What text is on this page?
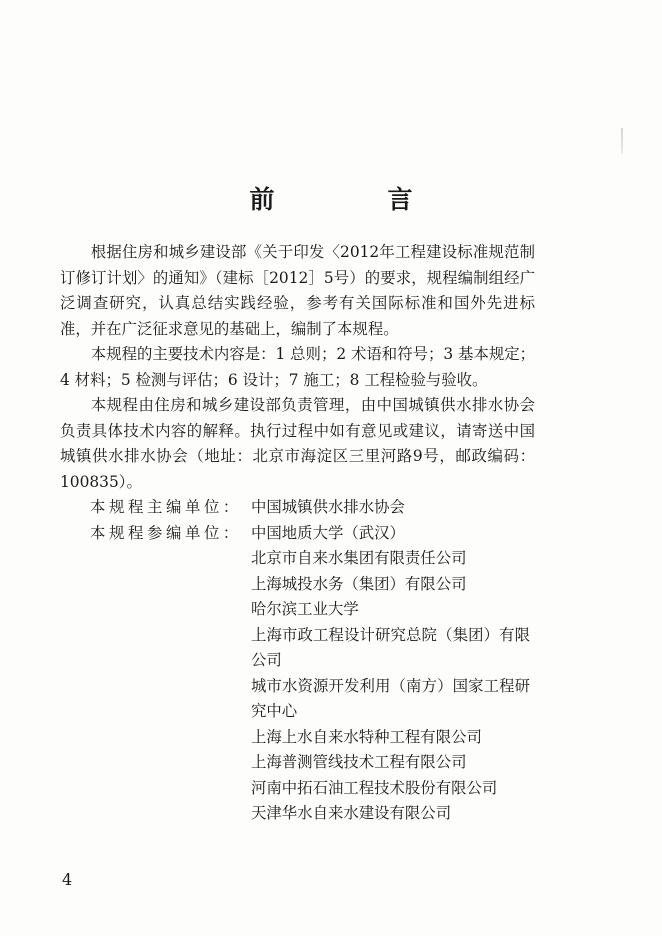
前　言

根据住房和城乡建设部《关于印发〈2012年工程建设标准规范制订修订计划〉的通知》（建标［2012］5号）的要求，规程编制组经广泛调查研究，认真总结实践经验，参考有关国际标准和国外先进标准，并在广泛征求意见的基础上，编制了本规程。

本规程的主要技术内容是：1 总则；2 术语和符号；3 基本规定；4 材料；5 检测与评估；6 设计；7 施工；8 工程检验与验收。

本规程由住房和城乡建设部负责管理，由中国城镇供水排水协会负责具体技术内容的解释。执行过程中如有意见或建议，请寄送中国城镇供水排水协会（地址：北京市海淀区三里河路9号，邮政编码：100835）。

本规程主编单位： 中国城镇供水排水协会
本规程参编单位： 中国地质大学（武汉）
北京市自来水集团有限责任公司
上海城投水务（集团）有限公司
哈尔滨工业大学
上海市政工程设计研究总院（集团）有限公司
城市水资源开发利用（南方）国家工程研究中心
上海上水自来水特种工程有限公司
上海普测管线技术工程有限公司
河南中拓石油工程技术股份有限公司
天津华水自来水建设有限公司
4
